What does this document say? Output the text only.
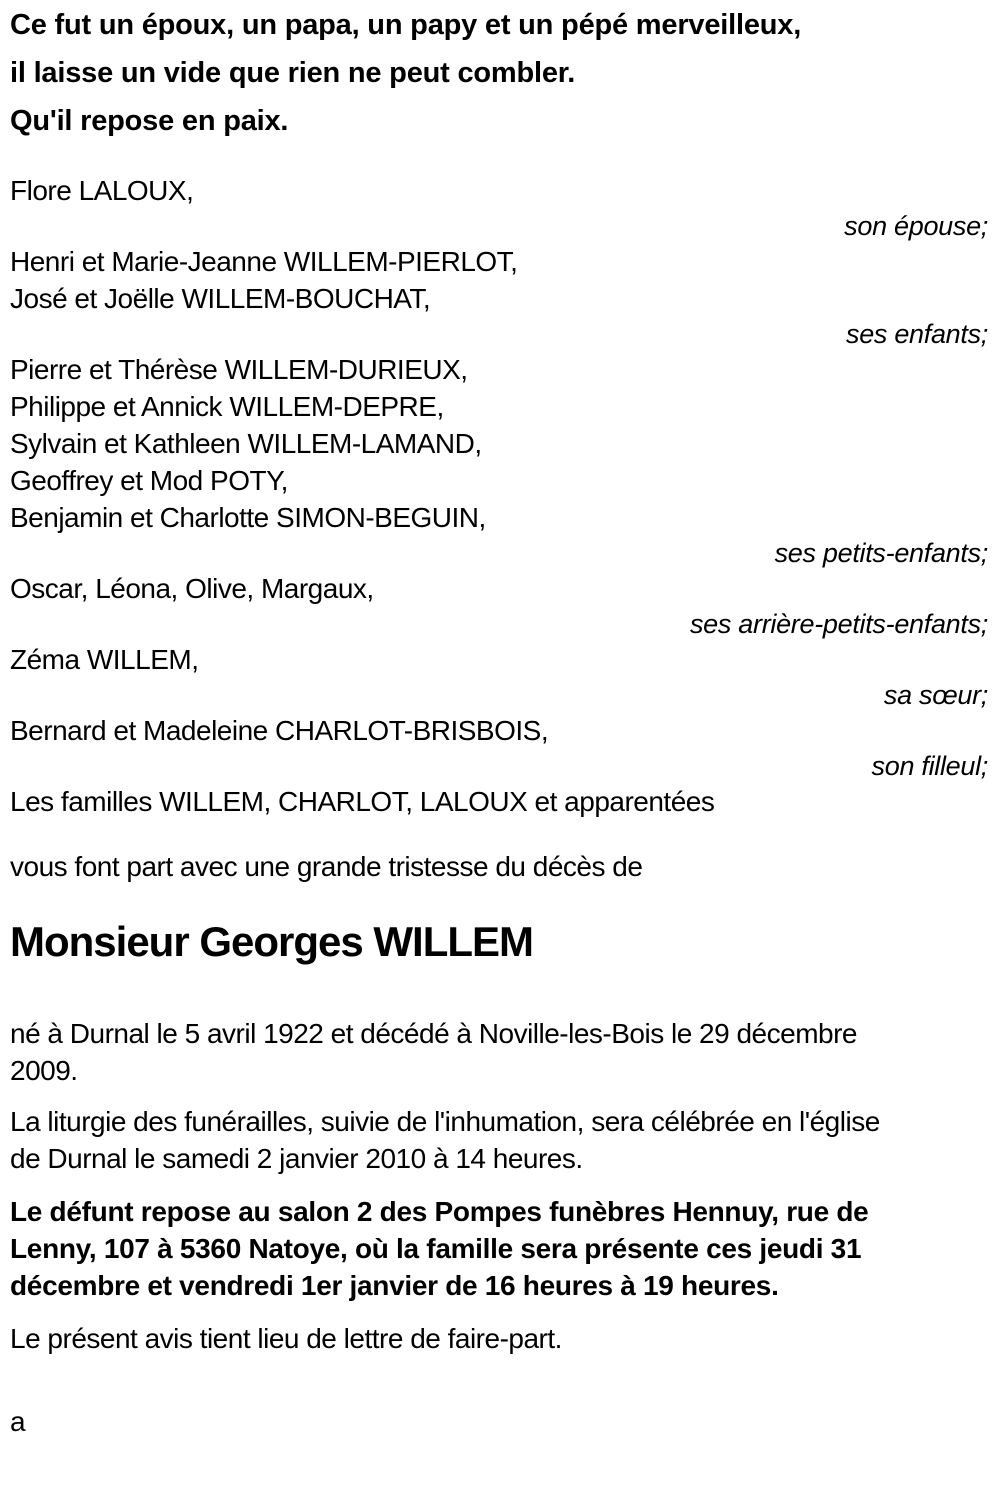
Ce fut un époux, un papa, un papy et un pépé merveilleux,

il laisse un vide que rien ne peut combler.

Qu'il repose en paix.

Flore LALOUX,

son épouse;

Henri et Marie-Jeanne WILLEM-PIERLOT,

José et Joëlle WILLEM-BOUCHAT,

ses enfants;

Pierre et Thérèse WILLEM-DURIEUX,

Philippe et Annick WILLEM-DEPRE,

Sylvain et Kathleen WILLEM-LAMAND,

Geoffrey et Mod POTY,

Benjamin et Charlotte SIMON-BEGUIN,

ses petits-enfants;

Oscar, Léona, Olive, Margaux,

ses arrière-petits-enfants;

Zéma WILLEM,

sa sœur;

Bernard et Madeleine CHARLOT-BRISBOIS,

son filleul;

Les familles WILLEM, CHARLOT, LALOUX et apparentées

vous font part avec une grande tristesse du décès de

Monsieur Georges WILLEM

né à Durnal le 5 avril 1922 et décédé à Noville-les-Bois le 29 décembre
2009.

La liturgie des funérailles, suivie de l'inhumation, sera célébrée en l'église
de Durnal le samedi 2 janvier 2010 à 14 heures.

Le défunt repose au salon 2 des Pompes funèbres Hennuy, rue de
Lenny, 107 à 5360 Natoye, où la famille sera présente ces jeudi 31
décembre et vendredi 1er janvier de 16 heures à 19 heures.

Le présent avis tient lieu de lettre de faire-part.

a
